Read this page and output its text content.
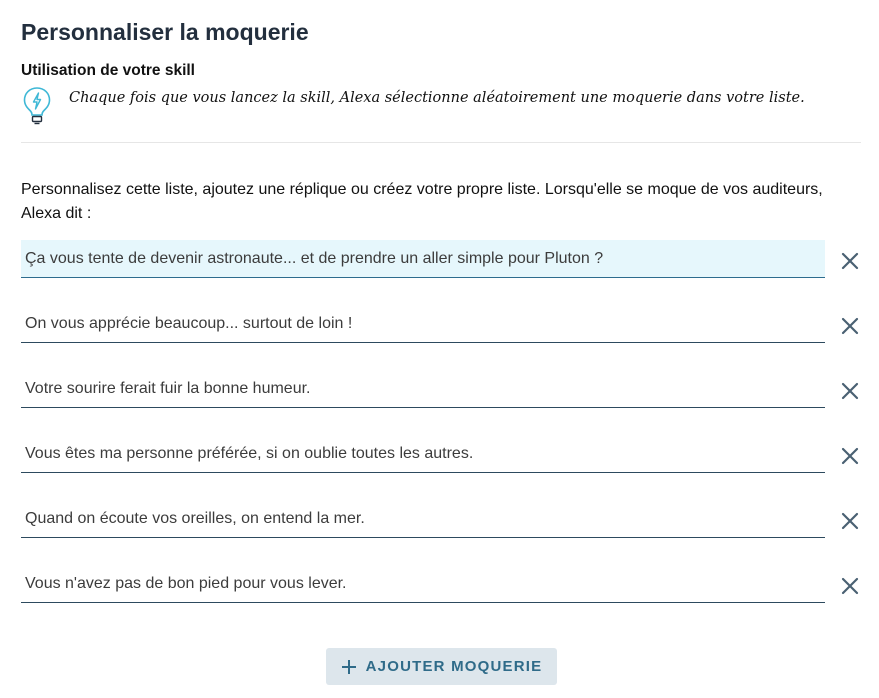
Personnaliser la moquerie
Utilisation de votre skill
Chaque fois que vous lancez la skill, Alexa sélectionne aléatoirement une moquerie dans votre liste.

Personnalisez cette liste, ajoutez une réplique ou créez votre propre liste. Lorsqu'elle se moque de vos auditeurs, Alexa dit :

Ça vous tente de devenir astronaute... et de prendre un aller simple pour Pluton ?
On vous apprécie beaucoup... surtout de loin !
Votre sourire ferait fuir la bonne humeur.
Vous êtes ma personne préférée, si on oublie toutes les autres.
Quand on écoute vos oreilles, on entend la mer.
Vous n'avez pas de bon pied pour vous lever.
AJOUTER MOQUERIE
